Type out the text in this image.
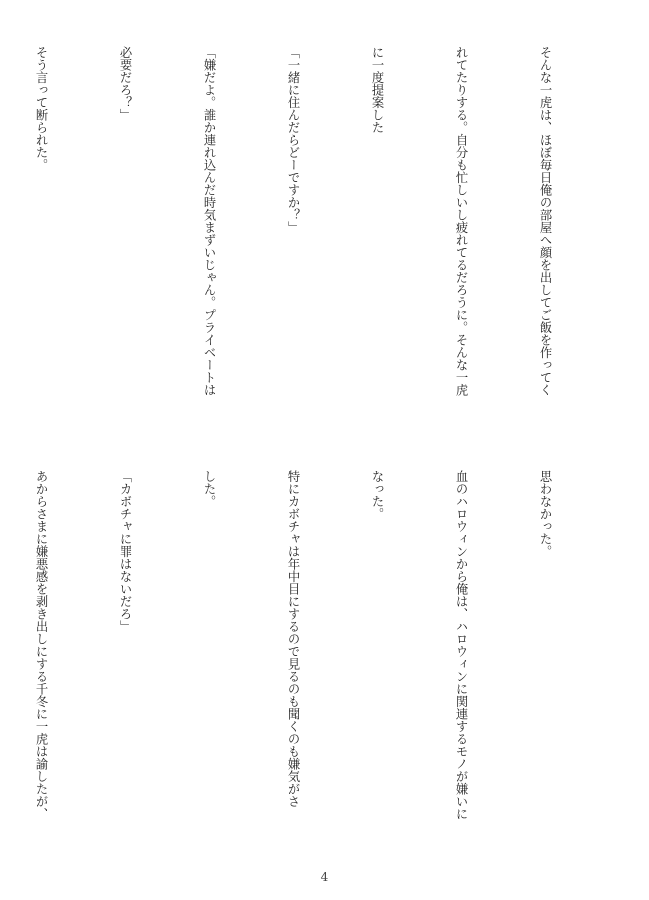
そんな一虎は、ほぼ毎日俺の部屋へ顔を出してご飯を作ってく

れてたりする。自分も忙しいし疲れてるだろうに。そんな一虎

に一度提案した

「一緒に住んだらどーですか？」

「嫌だよ。誰か連れ込んだ時気まずいじゃん。プライベートは

必要だろ？」

そう言って断られた。

思わなかった。

血のハロウィンから俺は、ハロウィンに関連するモノが嫌いに

なった。

特にカボチャは年中目にするので見るのも聞くのも嫌気がさ

した。

「カボチャに罪はないだろ」

あからさまに嫌悪感を剥き出しにする千冬に一虎は諭したが、

4
